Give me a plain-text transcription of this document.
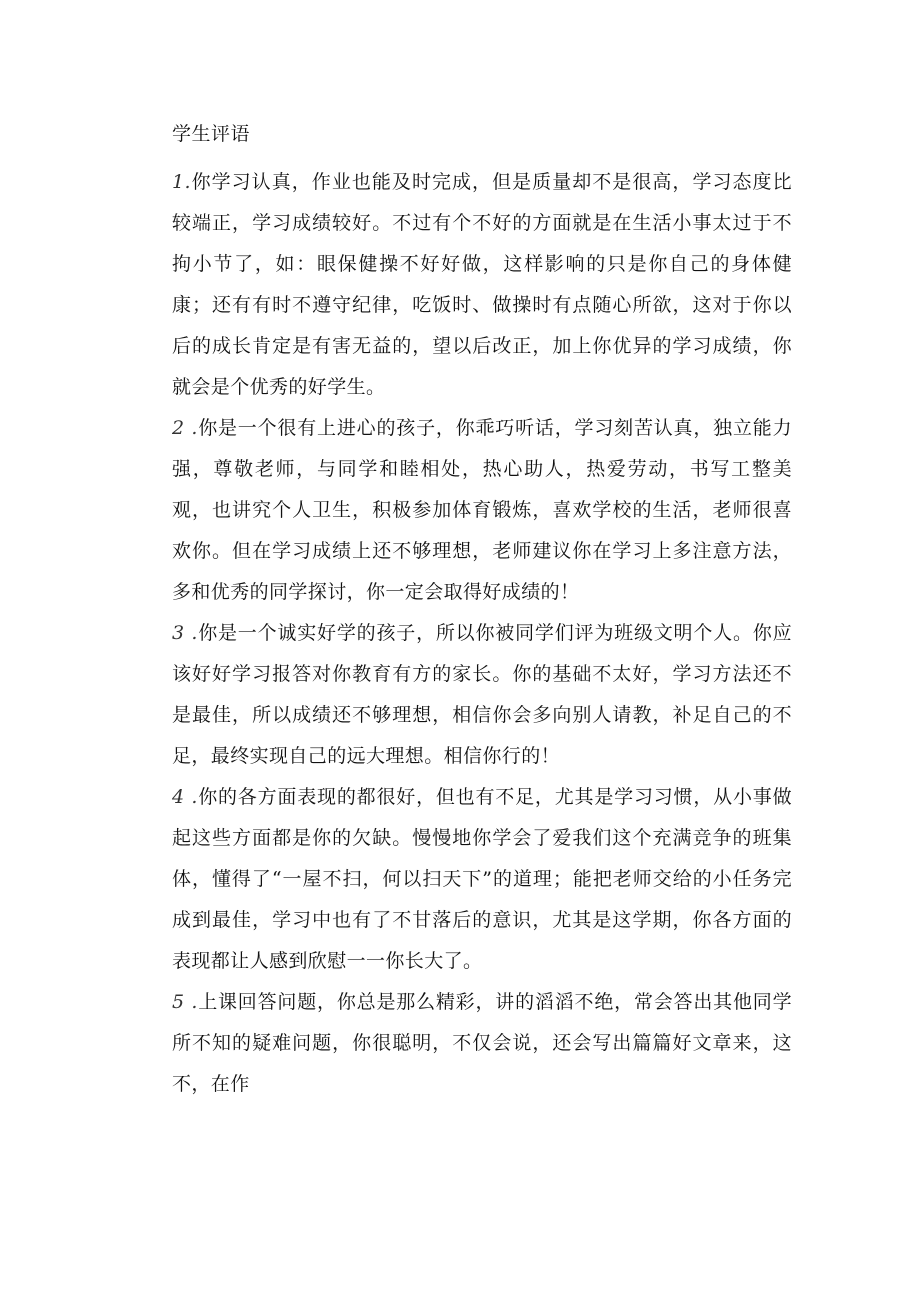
学生评语

1.你学习认真，作业也能及时完成，但是质量却不是很高，学习态度比较端正，学习成绩较好。不过有个不好的方面就是在生活小事太过于不拘小节了，如：眼保健操不好好做，这样影响的只是你自己的身体健康；还有有时不遵守纪律，吃饭时、做操时有点随心所欲，这对于你以后的成长肯定是有害无益的，望以后改正，加上你优异的学习成绩，你就会是个优秀的好学生。

2 .你是一个很有上进心的孩子，你乖巧听话，学习刻苦认真，独立能力强，尊敬老师，与同学和睦相处，热心助人，热爱劳动，书写工整美观，也讲究个人卫生，积极参加体育锻炼，喜欢学校的生活，老师很喜欢你。但在学习成绩上还不够理想，老师建议你在学习上多注意方法，多和优秀的同学探讨，你一定会取得好成绩的！

3 .你是一个诚实好学的孩子，所以你被同学们评为班级文明个人。你应该好好学习报答对你教育有方的家长。你的基础不太好，学习方法还不是最佳，所以成绩还不够理想，相信你会多向别人请教，补足自己的不足，最终实现自己的远大理想。相信你行的！

4 .你的各方面表现的都很好，但也有不足，尤其是学习习惯，从小事做起这些方面都是你的欠缺。慢慢地你学会了爱我们这个充满竞争的班集体，懂得了“一屋不扫，何以扫天下”的道理；能把老师交给的小任务完成到最佳，学习中也有了不甘落后的意识，尤其是这学期，你各方面的表现都让人感到欣慰一一你长大了。

5 .上课回答问题，你总是那么精彩，讲的滔滔不绝，常会答出其他同学所不知的疑难问题，你很聪明，不仅会说，还会写出篇篇好文章来，这不，在作
